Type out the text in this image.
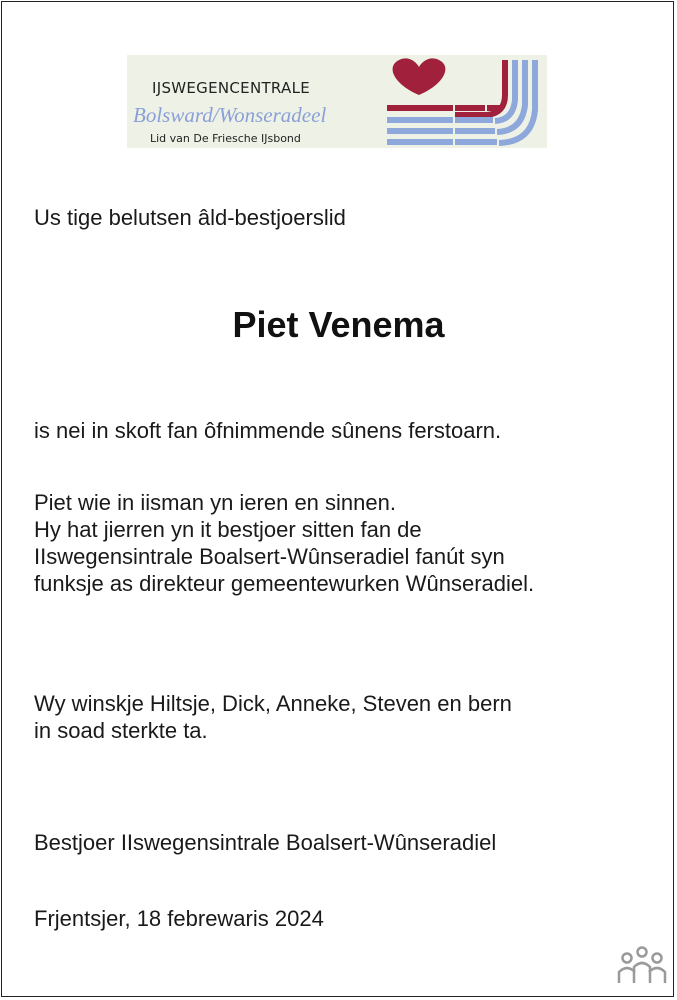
IJSWEGENCENTRALE
Bolsward/Wonseradeel
Lid van De Friesche IJsbond

Us tige belutsen âld-bestjoerslid

Piet Venema

is nei in skoft fan ôfnimmende sûnens ferstoarn.

Piet wie in iisman yn ieren en sinnen.
Hy hat jierren yn it bestjoer sitten fan de
IIswegensintrale Boalsert-Wûnseradiel fanút syn
funksje as direkteur gemeentewurken Wûnseradiel.
Wy winskje Hiltsje, Dick, Anneke, Steven en bern
in soad sterkte ta.

Bestjoer IIswegensintrale Boalsert-Wûnseradiel

Frjentsjer, 18 febrewaris 2024
